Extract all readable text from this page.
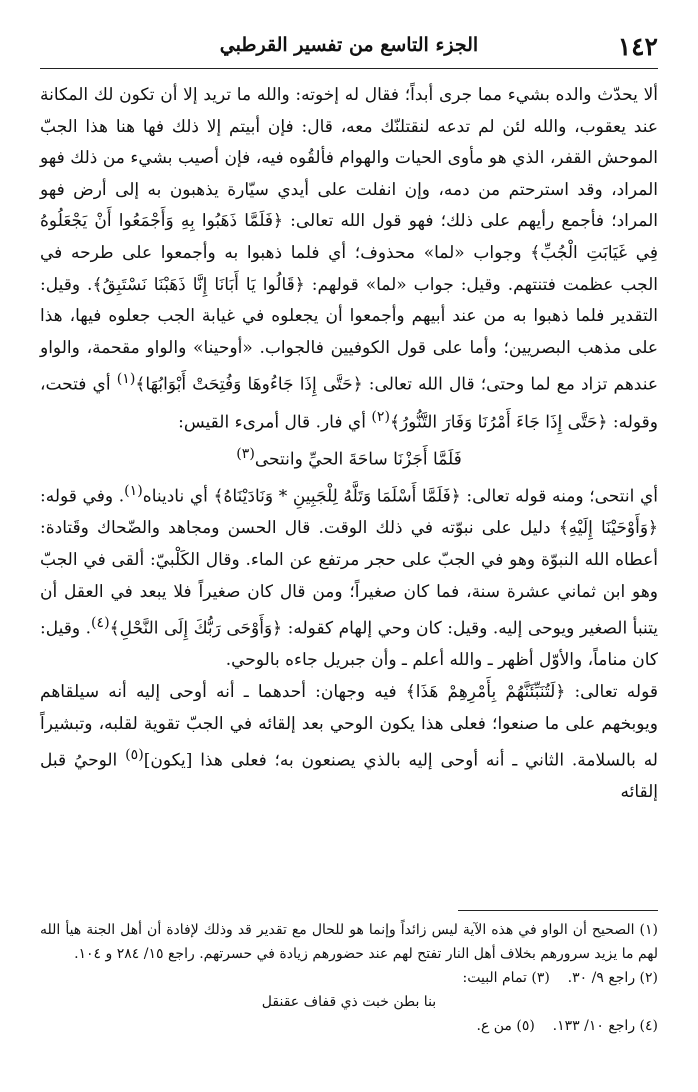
١٤٢
الجزء التاسع من تفسير القرطبي

ألا يحدّث والده بشيء مما جرى أبداً؛ فقال له إخوته: والله ما تريد إلا أن تكون لك المكانة عند يعقوب، والله لئن لم تدعه لنقتلنّك معه، قال: فإن أبيتم إلا ذلك فها هنا هذا الجبّ الموحش القفر، الذي هو مأوى الحيات والهوام فألقُوه فيه، فإن أصيب بشيء من ذلك فهو المراد، وقد استرحتم من دمه، وإن انفلت على أيدي سيّارة يذهبون به إلى أرض فهو المراد؛ فأجمع رأيهم على ذلك؛ فهو قول الله تعالى: ﴿فَلَمَّا ذَهَبُوا بِهِ وَأَجْمَعُوا أَنْ يَجْعَلُوهُ فِي غَيَابَتِ الْجُبِّ﴾ وجواب «لما» محذوف؛ أي فلما ذهبوا به وأجمعوا على طرحه في الجب عظمت فتنتهم. وقيل: جواب «لما» قولهم: ﴿قَالُوا يَا أَبَانَا إِنَّا ذَهَبْنَا نَسْتَبِقُ﴾. وقيل: التقدير فلما ذهبوا به من عند أبيهم وأجمعوا أن يجعلوه في غيابة الجب جعلوه فيها، هذا على مذهب البصريين؛ وأما على قول الكوفيين فالجواب. «أوحينا» والواو مقحمة، والواو عندهم تزاد مع لما وحتى؛ قال الله تعالى: ﴿حَتَّى إِذَا جَاءُوهَا وَفُتِحَتْ أَبْوَابُهَا﴾$^{(١)}$ أي فتحت، وقوله: ﴿حَتَّى إِذَا جَاءَ أَمْرُنَا وَفَارَ التَّنُّورُ﴾$^{(٢)}$ أي فار. قال أمرىء القيس:

فَلَمَّا أَجَزْنَا ساحَةَ الحيِّ وانتحى$^{(٣)}$

أي انتحى؛ ومنه قوله تعالى: ﴿فَلَمَّا أَسْلَمَا وَتَلَّهُ لِلْجَبِينِ * وَنَادَيْنَاهُ﴾ أي ناديناه$^{(١)}$. وفي قوله: ﴿وَأَوْحَيْنَا إِلَيْهِ﴾ دليل على نبوّته في ذلك الوقت. قال الحسن ومجاهد والضّحاك وقَتادة: أعطاه الله النبوّة وهو في الجبّ على حجر مرتفع عن الماء. وقال الكَلْبيّ: ألقى في الجبّ وهو ابن ثماني عشرة سنة، فما كان صغيراً؛ ومن قال كان صغيراً فلا يبعد في العقل أن يتنبأ الصغير ويوحى إليه. وقيل: كان وحي إلهام كقوله: ﴿وَأَوْحَى رَبُّكَ إِلَى النَّحْلِ﴾$^{(٤)}$. وقيل: كان مناماً، والأوّل أظهر ـ والله أعلم ـ وأن جبريل جاءه بالوحي.

قوله تعالى: ﴿لَتُنَبِّئَنَّهُمْ بِأَمْرِهِمْ هَذَا﴾ فيه وجهان: أحدهما ـ أنه أوحى إليه أنه سيلقاهم ويوبخهم على ما صنعوا؛ فعلى هذا يكون الوحي بعد إلقائه في الجبّ تقوية لقلبه، وتبشيراً له بالسلامة. الثاني ـ أنه أوحى إليه بالذي يصنعون به؛ فعلى هذا [يكون]$^{(٥)}$ الوحيُ قبل إلقائه

(١) الصحيح أن الواو في هذه الآية ليس زائداً وإنما هو للحال مع تقدير قد وذلك لإفادة أن أهل الجنة هيأ الله لهم ما يزيد سرورهم بخلاف أهل النار تفتح لهم عند حضورهم زيادة في حسرتهم. راجع ١٥/ ٢٨٤ و ١٠٤.

(٢) راجع ٩/ ٣٠.    (٣) تمام البيت:

بنا بطن خبت ذي قفاف عقنقل

(٤) راجع ١٠/ ١٣٣.    (٥) من ع.
